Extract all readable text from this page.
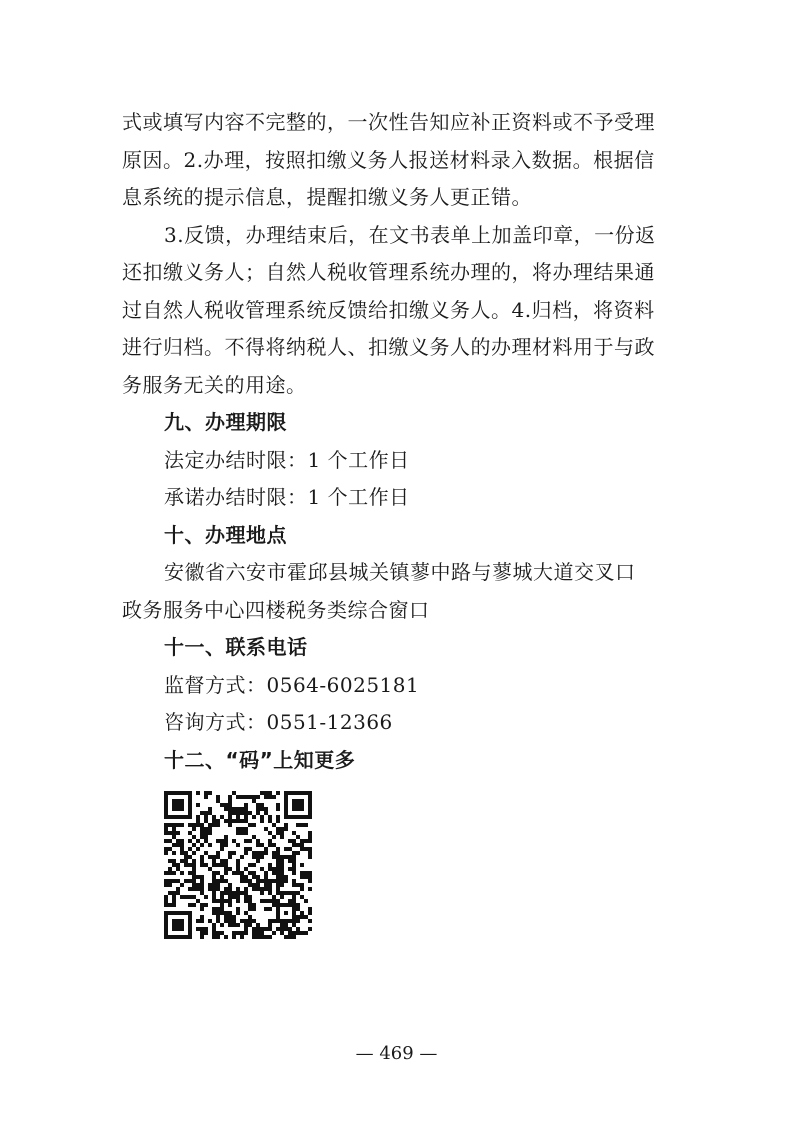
式或填写内容不完整的，一次性告知应补正资料或不予受理
原因。2.办理，按照扣缴义务人报送材料录入数据。根据信
息系统的提示信息，提醒扣缴义务人更正错。
3.反馈，办理结束后，在文书表单上加盖印章，一份返
还扣缴义务人；自然人税收管理系统办理的，将办理结果通
过自然人税收管理系统反馈给扣缴义务人。4.归档，将资料
进行归档。不得将纳税人、扣缴义务人的办理材料用于与政
务服务无关的用途。
九、办理期限
法定办结时限：1 个工作日
承诺办结时限：1 个工作日
十、办理地点
安徽省六安市霍邱县城关镇蓼中路与蓼城大道交叉口
政务服务中心四楼税务类综合窗口
十一、联系电话
监督方式：0564-6025181
咨询方式：0551-12366
十二、“码”上知更多
— 469 —
